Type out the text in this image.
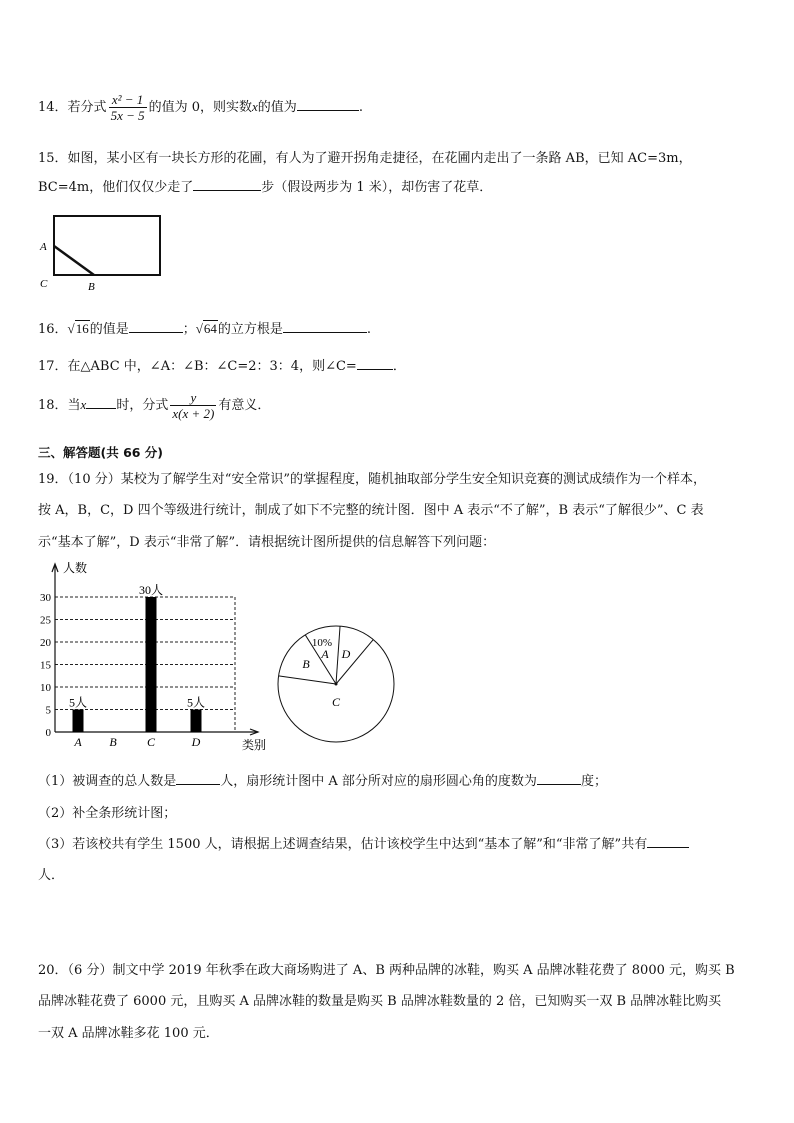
14．若分式 $\frac{\text{x² − 1}}{5x - 5}$ 的值为 0，则实数x的值为	.
15．如图，某小区有一块长方形的花圃，有人为了避开拐角走捷径，在花圃内走出了一条路 AB，已知 AC=3m，
BC=4m，他们仅仅少走了	步（假设两步为 1 米），却伤害了花草．
A
C	B
16．√16的值是	；√64的立方根是	.
17．在△ABC 中，∠A：∠B：∠C=2：3：4，则∠C=	．
18．当x 时，分式 $\frac{y}{x(x + 2)}$ 有意义．
三、解答题(共 66 分)
19．（10 分）某校为了解学生对“安全常识”的掌握程度，随机抽取部分学生安全知识竞赛的测试成绩作为一个样本，
按 A，B，C，D 四个等级进行统计，制成了如下不完整的统计图．图中 A 表示“不了解”，B 表示“了解很少”、C 表
示“基本了解”，D 表示“非常了解”．请根据统计图所提供的信息解答下列问题：
0
5
10
15
20
25
30
人数
类别
A
5人
B	C
30人
D
5人
A
B
C
D
10%
（1）被调查的总人数是	人，扇形统计图中 A 部分所对应的扇形圆心角的度数为	度；
（2）补全条形统计图；
（3）若该校共有学生 1500 人，请根据上述调查结果，估计该校学生中达到“基本了解”和“非常了解”共有
人．
20．（6 分）制文中学 2019 年秋季在政大商场购进了 A、B 两种品牌的冰鞋，购买 A 品牌冰鞋花费了 8000 元，购买 B
品牌冰鞋花费了 6000 元，且购买 A 品牌冰鞋的数量是购买 B 品牌冰鞋数量的 2 倍，已知购买一双 B 品牌冰鞋比购买
一双 A 品牌冰鞋多花 100 元．
